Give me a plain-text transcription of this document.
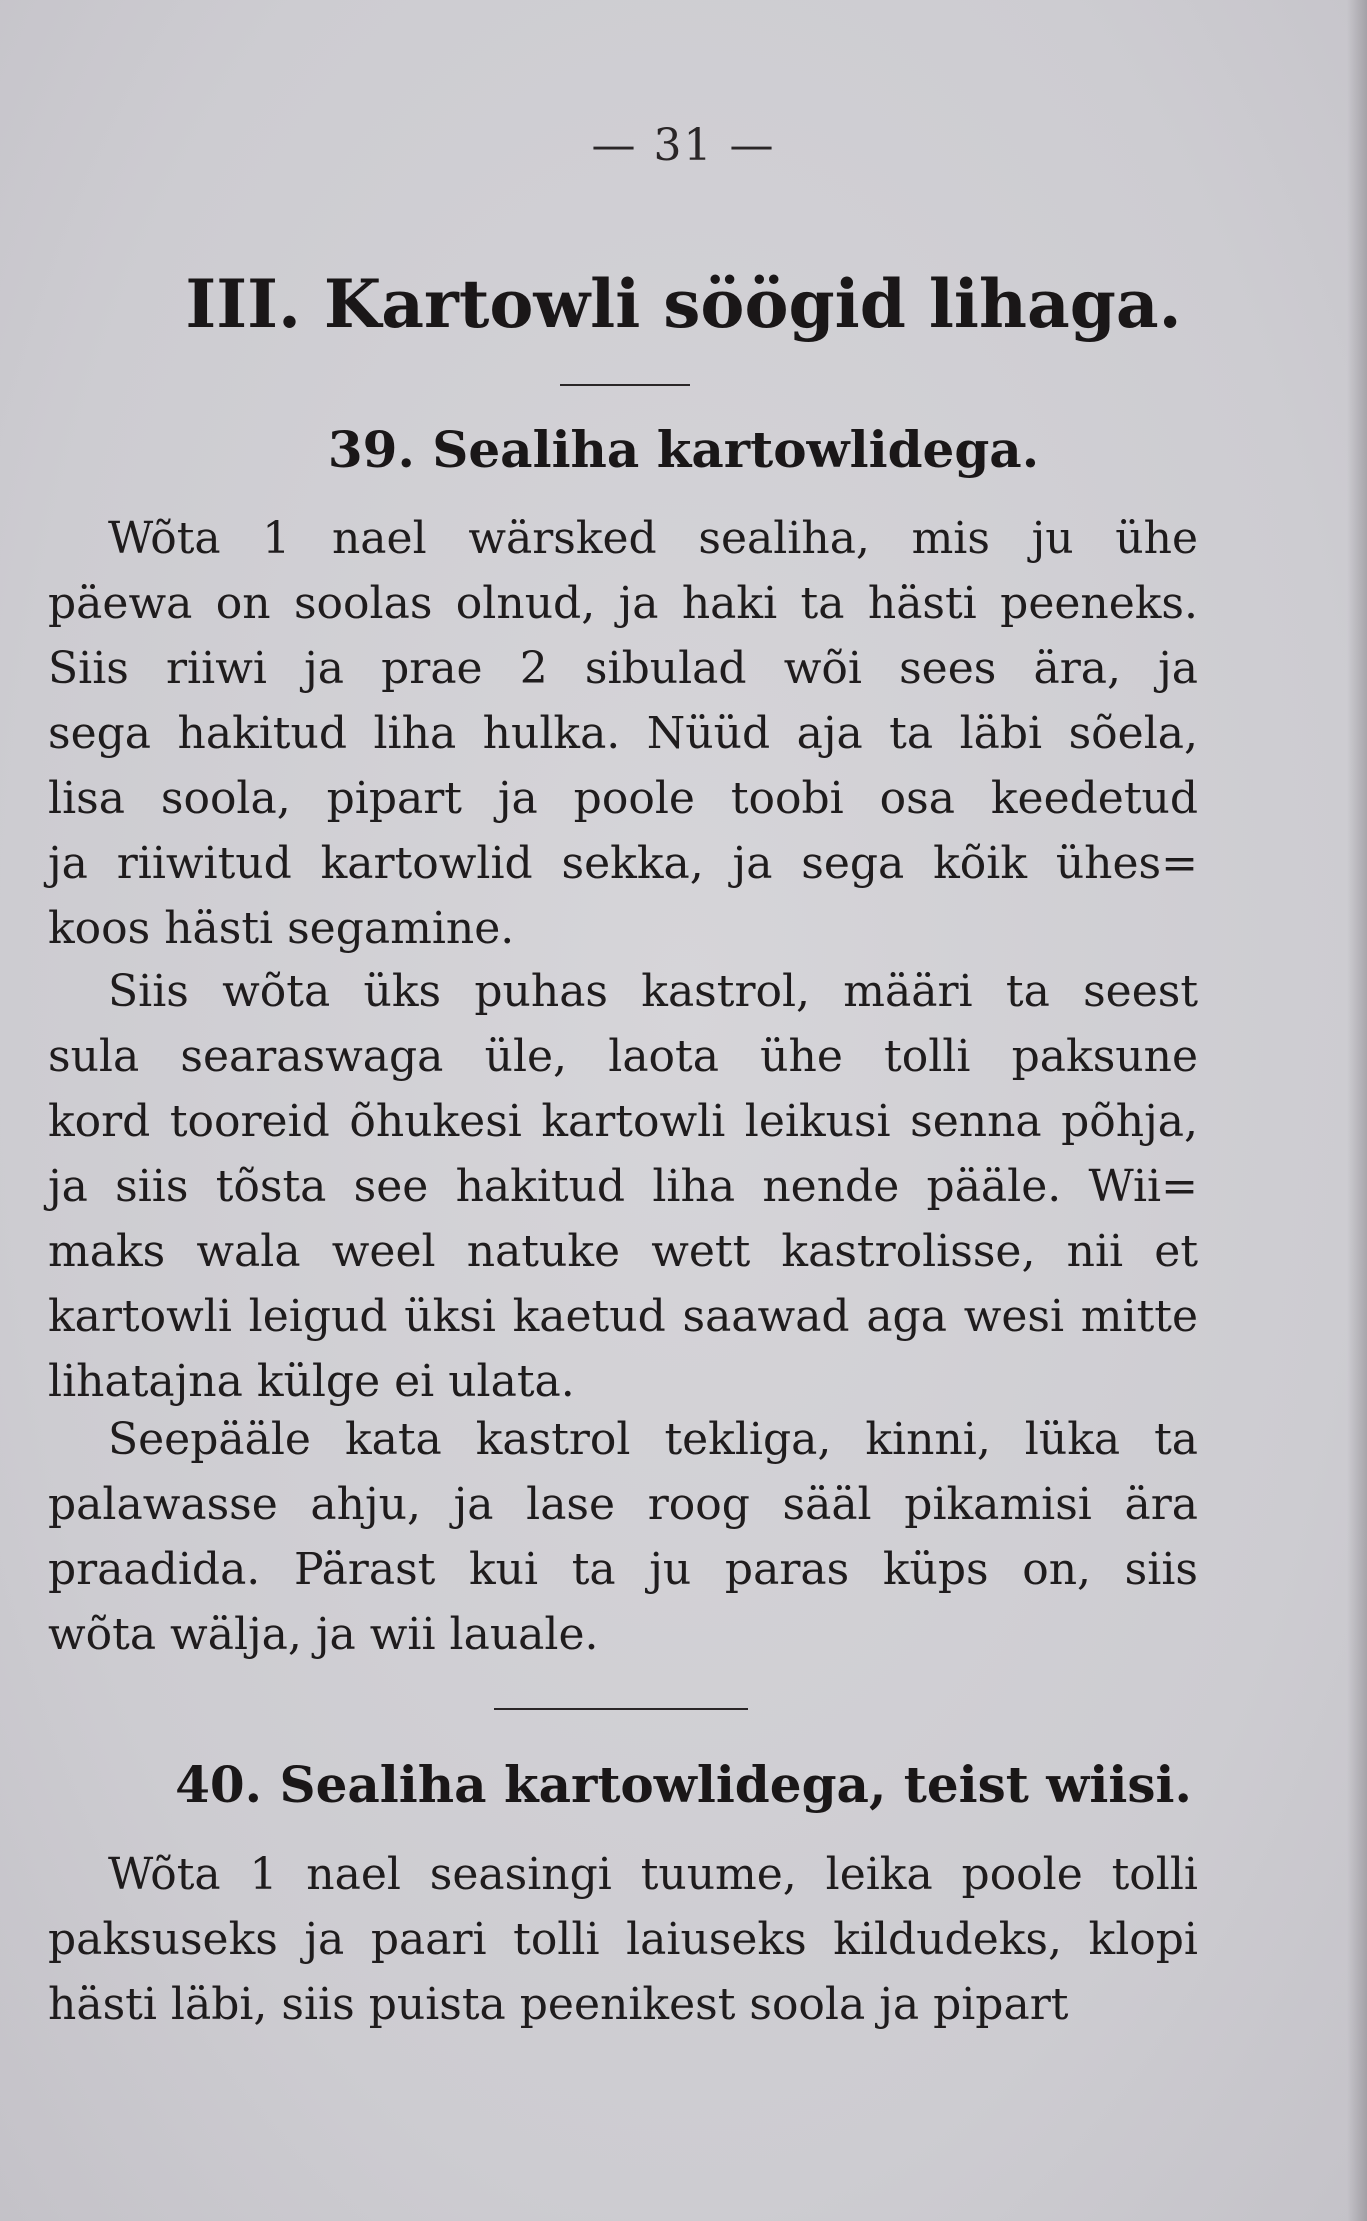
— 31 —
III. Kartowli söögid lihaga.
39. Sealiha kartowlidega.
Wõta 1 nael wärsked sealiha, mis ju ühe
päewa on soolas olnud, ja haki ta hästi peeneks.
Siis riiwi ja prae 2 sibulad wõi sees ära, ja
sega hakitud liha hulka. Nüüd aja ta läbi sõela,
lisa soola, pipart ja poole toobi osa keedetud
ja riiwitud kartowlid sekka, ja sega kõik ühes=
koos hästi segamine.
Siis wõta üks puhas kastrol, määri ta seest
sula searaswaga üle, laota ühe tolli paksune
kord tooreid õhukesi kartowli leikusi senna põhja,
ja siis tõsta see hakitud liha nende pääle. Wii=
maks wala weel natuke wett kastrolisse, nii et
kartowli leigud üksi kaetud saawad aga wesi mitte
lihatajna külge ei ulata.
Seepääle kata kastrol tekliga, kinni, lüka ta
palawasse ahju, ja lase roog sääl pikamisi ära
praadida. Pärast kui ta ju paras küps on, siis
wõta wälja, ja wii lauale.
40. Sealiha kartowlidega, teist wiisi.
Wõta 1 nael seasingi tuume, leika poole tolli
paksuseks ja paari tolli laiuseks kildudeks, klopi
hästi läbi, siis puista peenikest soola ja pipart
